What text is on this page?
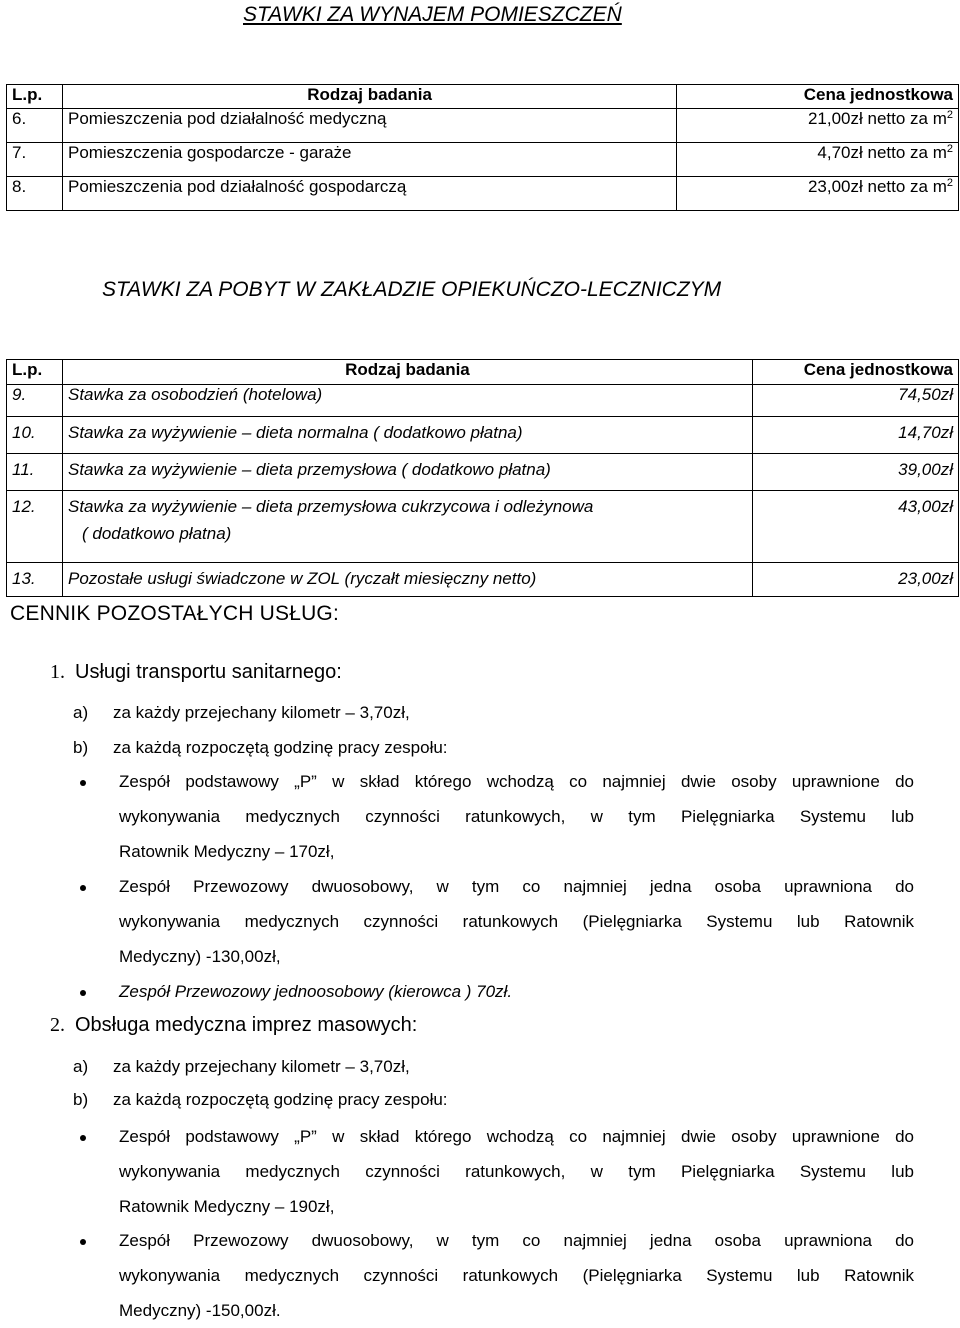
STAWKI ZA WYNAJEM POMIESZCZEŃ
L.p.	Rodzaj badania	Cena jednostkowa
6.	Pomieszczenia pod działalność medyczną	21,00zł netto za $m^2$
7.	Pomieszczenia gospodarcze - garaże	4,70zł netto za $m^2$
8.	Pomieszczenia pod działalność gospodarczą	23,00zł netto za $m^2$
STAWKI ZA POBYT W ZAKŁADZIE OPIEKUŃCZO-LECZNICZYM
L.p.	Rodzaj badania	Cena jednostkowa
9.	Stawka za osobodzień (hotelowa)	74,50zł
10.	Stawka za wyżywienie – dieta normalna ( dodatkowo płatna)	14,70zł
11.	Stawka za wyżywienie – dieta przemysłowa ( dodatkowo płatna)	39,00zł
12.	Stawka za wyżywienie – dieta przemysłowa cukrzycowa i odleżynowa
( dodatkowo płatna)	43,00zł
13.	Pozostałe usługi świadczone w ZOL (ryczałt miesięczny netto)	23,00zł
CENNIK POZOSTAŁYCH USŁUG:
1. Usługi transportu sanitarnego:
a) za każdy przejechany kilometr – 3,70zł,
b) za każdą rozpoczętą godzinę pracy zespołu:
Zespół podstawowy „P” w skład którego wchodzą co najmniej dwie osoby uprawnione do
wykonywania medycznych czynności ratunkowych, w tym Pielęgniarka Systemu lub
Ratownik Medyczny – 170zł,
Zespół Przewozowy dwuosobowy, w tym co najmniej jedna osoba uprawniona do
wykonywania medycznych czynności ratunkowych (Pielęgniarka Systemu lub Ratownik
Medyczny) -130,00zł,
Zespół Przewozowy jednoosobowy (kierowca ) 70zł.
2. Obsługa medyczna imprez masowych:
a) za każdy przejechany kilometr – 3,70zł,
b) za każdą rozpoczętą godzinę pracy zespołu:
Zespół podstawowy „P” w skład którego wchodzą co najmniej dwie osoby uprawnione do
wykonywania medycznych czynności ratunkowych, w tym Pielęgniarka Systemu lub
Ratownik Medyczny – 190zł,
Zespół Przewozowy dwuosobowy, w tym co najmniej jedna osoba uprawniona do
wykonywania medycznych czynności ratunkowych (Pielęgniarka Systemu lub Ratownik
Medyczny) -150,00zł.
